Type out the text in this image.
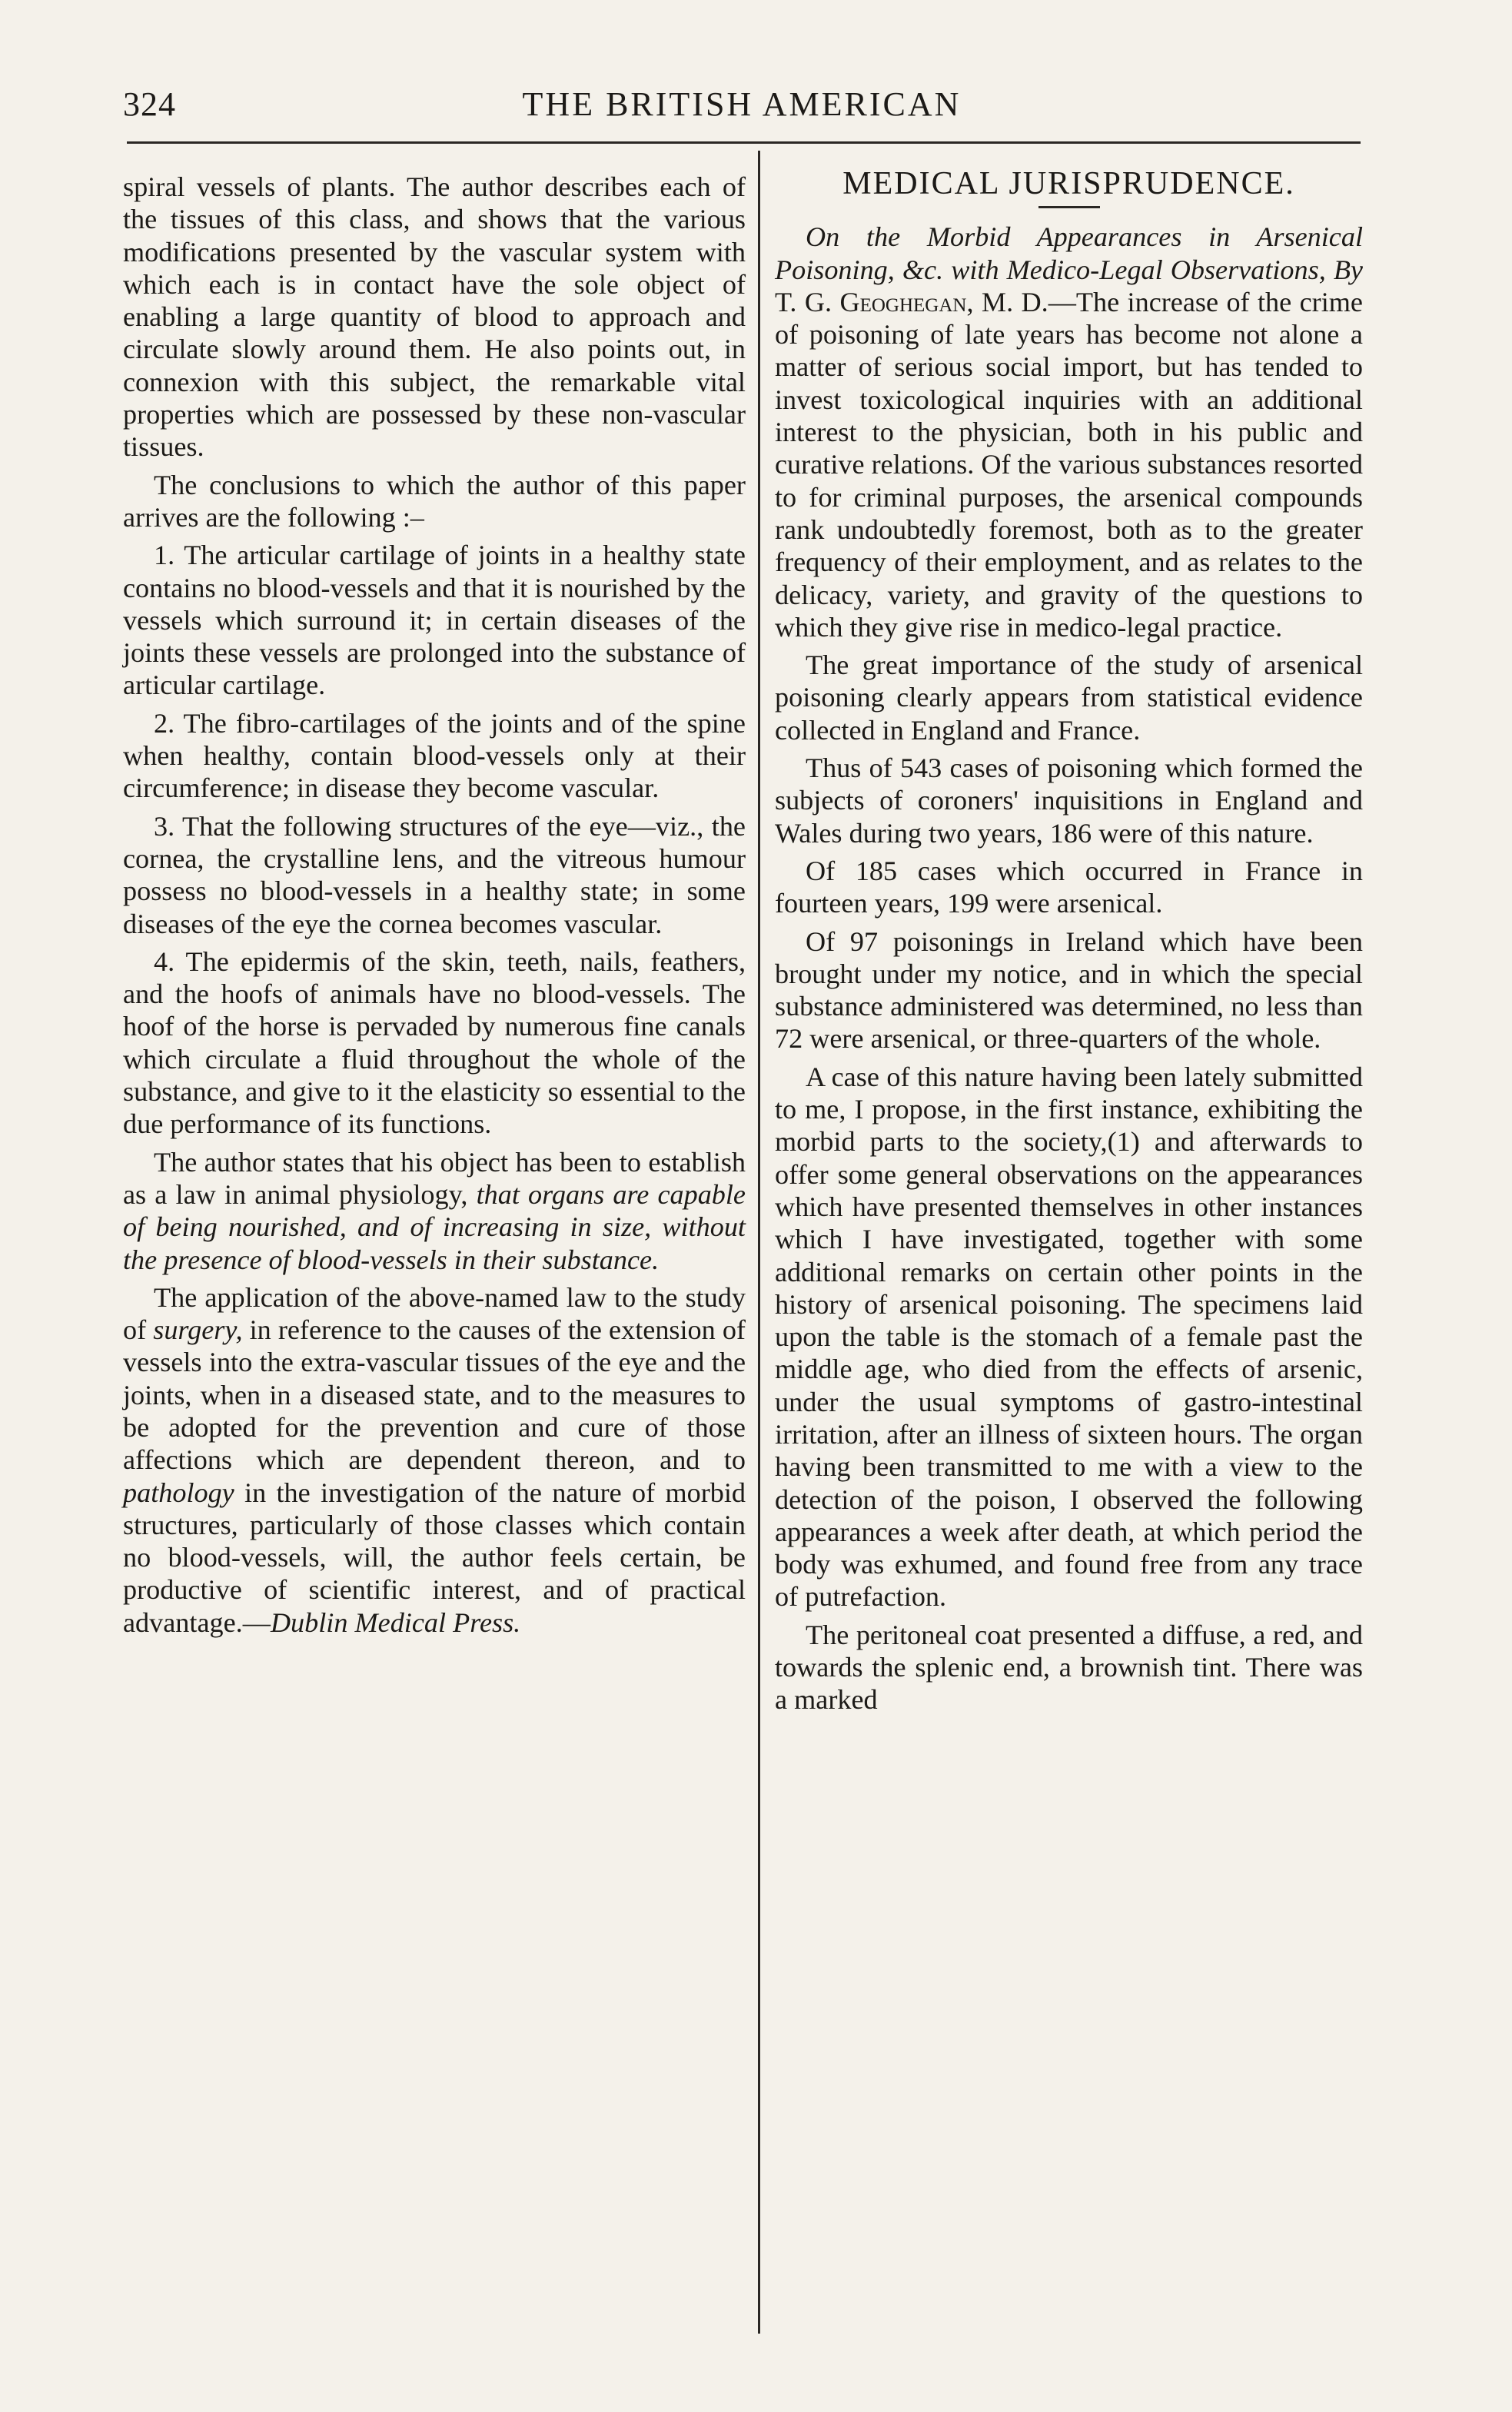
324	THE BRITISH AMERICAN

spiral vessels of plants. The author describes each of the tissues of this class, and shows that the various modifications presented by the vascular system with which each is in contact have the sole object of enabling a large quantity of blood to approach and circulate slowly around them. He also points out, in connexion with this subject, the remarkable vital properties which are possessed by these non-vascular tissues.

The conclusions to which the author of this paper arrives are the following :–

1. The articular cartilage of joints in a healthy state contains no blood-vessels and that it is nourished by the vessels which surround it; in certain diseases of the joints these vessels are prolonged into the substance of articular cartilage.

2. The fibro-cartilages of the joints and of the spine when healthy, contain blood-vessels only at their circumference; in disease they become vascular.

3. That the following structures of the eye—viz., the cornea, the crystalline lens, and the vitreous humour possess no blood-vessels in a healthy state; in some diseases of the eye the cornea becomes vascular.

4. The epidermis of the skin, teeth, nails, feathers, and the hoofs of animals have no blood-vessels. The hoof of the horse is pervaded by numerous fine canals which circulate a fluid throughout the whole of the substance, and give to it the elasticity so essential to the due performance of its functions.

The author states that his object has been to establish as a law in animal physiology, that organs are capable of being nourished, and of increasing in size, without the presence of blood-vessels in their substance.

The application of the above-named law to the study of surgery, in reference to the causes of the extension of vessels into the extra-vascular tissues of the eye and the joints, when in a diseased state, and to the measures to be adopted for the prevention and cure of those affections which are dependent thereon, and to pathology in the investigation of the nature of morbid structures, particularly of those classes which contain no blood-vessels, will, the author feels certain, be productive of scientific interest, and of practical advantage.—Dublin Medical Press.

MEDICAL JURISPRUDENCE.

On the Morbid Appearances in Arsenical Poisoning, &c. with Medico-Legal Observations, By T. G. Geoghegan, M. D.—The increase of the crime of poisoning of late years has become not alone a matter of serious social import, but has tended to invest toxicological inquiries with an additional interest to the physician, both in his public and curative relations. Of the various substances resorted to for criminal purposes, the arsenical compounds rank undoubtedly foremost, both as to the greater frequency of their employment, and as relates to the delicacy, variety, and gravity of the questions to which they give rise in medico-legal practice.

The great importance of the study of arsenical poisoning clearly appears from statistical evidence collected in England and France.

Thus of 543 cases of poisoning which formed the subjects of coroners' inquisitions in England and Wales during two years, 186 were of this nature.

Of 185 cases which occurred in France in fourteen years, 199 were arsenical.

Of 97 poisonings in Ireland which have been brought under my notice, and in which the special substance administered was determined, no less than 72 were arsenical, or three-quarters of the whole.

A case of this nature having been lately submitted to me, I propose, in the first instance, exhibiting the morbid parts to the society,(1) and afterwards to offer some general observations on the appearances which have presented themselves in other instances which I have investigated, together with some additional remarks on certain other points in the history of arsenical poisoning. The specimens laid upon the table is the stomach of a female past the middle age, who died from the effects of arsenic, under the usual symptoms of gastro-intestinal irritation, after an illness of sixteen hours. The organ having been transmitted to me with a view to the detection of the poison, I observed the following appearances a week after death, at which period the body was exhumed, and found free from any trace of putrefaction.

The peritoneal coat presented a diffuse, a red, and towards the splenic end, a brownish tint. There was a marked
